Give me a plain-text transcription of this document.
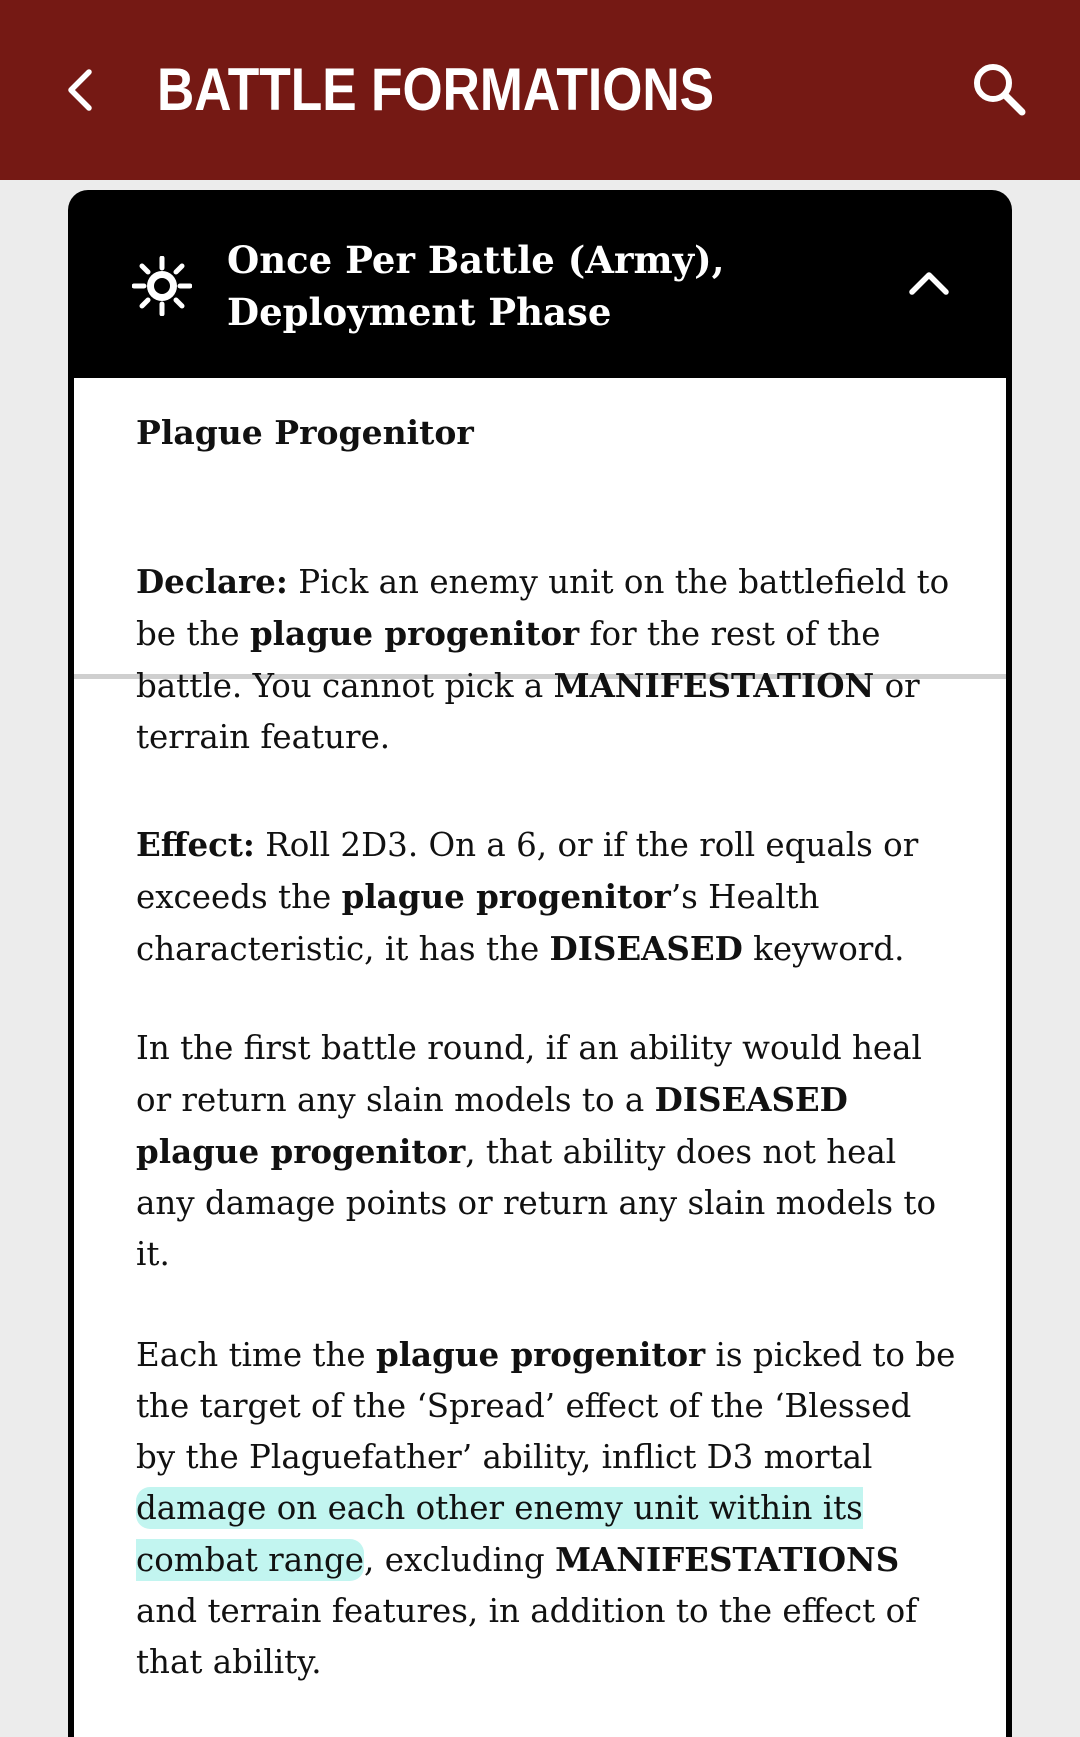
BATTLE FORMATIONS
Once Per Battle (Army), Deployment Phase
Plague Progenitor
Declare: Pick an enemy unit on the battlefield to be the plague progenitor for the rest of the battle. You cannot pick a MANIFESTATION or terrain feature.
Effect: Roll 2D3. On a 6, or if the roll equals or exceeds the plague progenitor’s Health characteristic, it has the DISEASED keyword.
In the first battle round, if an ability would heal or return any slain models to a DISEASED plague progenitor, that ability does not heal any damage points or return any slain models to it.
Each time the plague progenitor is picked to be the target of the ‘Spread’ effect of the ‘Blessed by the Plaguefather’ ability, inflict D3 mortal damage on each other enemy unit within its combat range, excluding MANIFESTATIONS and terrain features, in addition to the effect of that ability.
